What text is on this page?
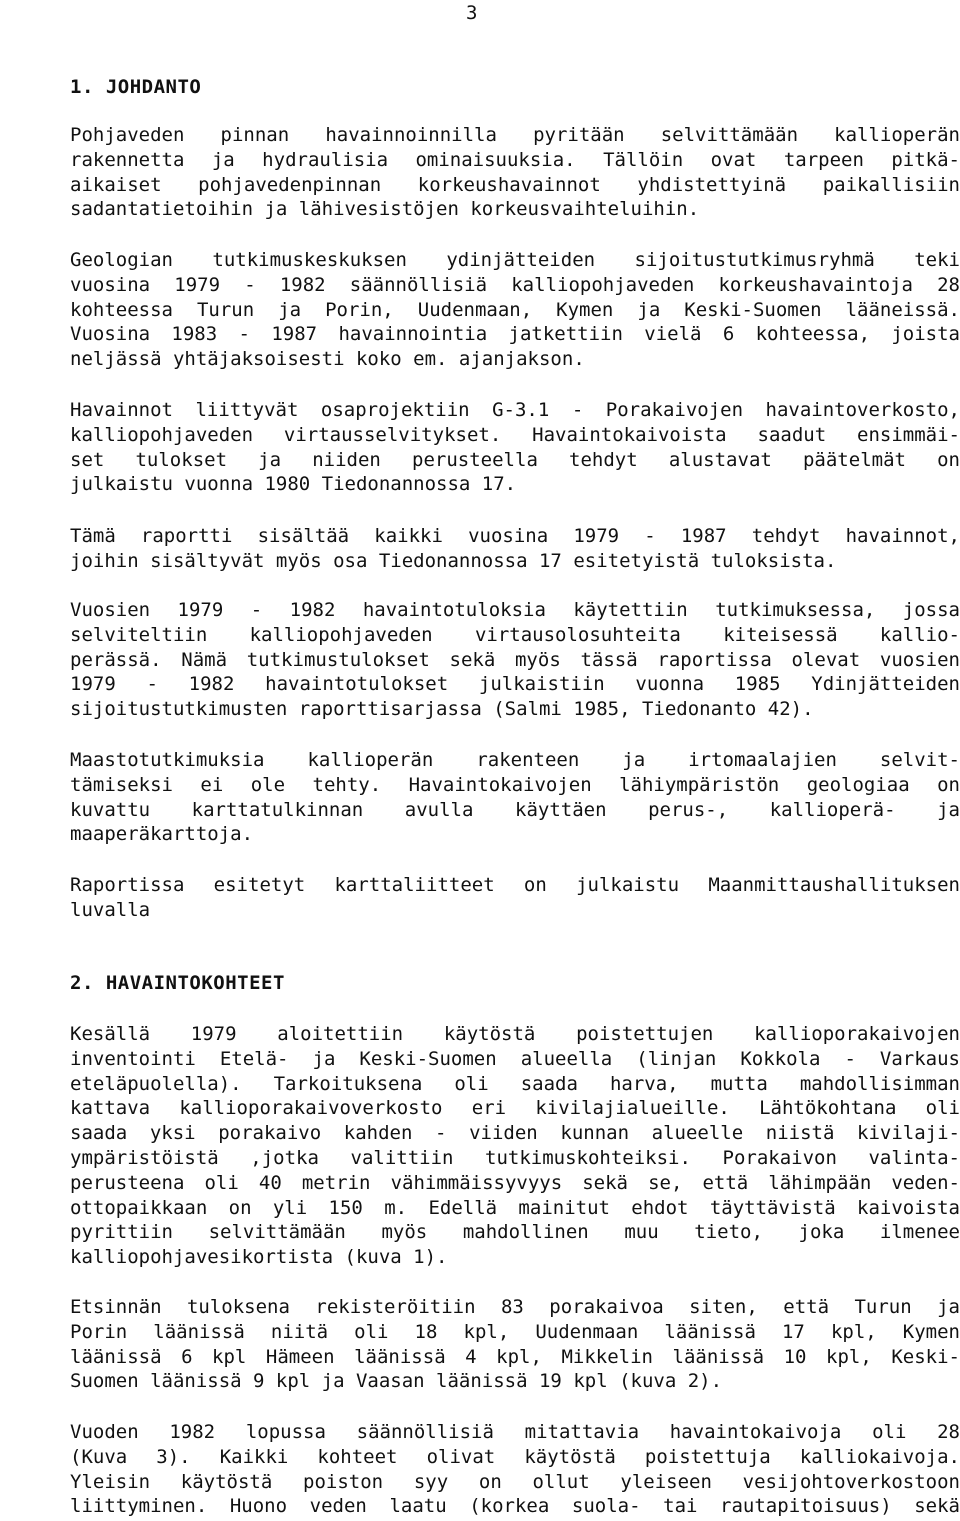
3
1. JOHDANTO
Pohjaveden pinnan havainnoinnilla pyritään selvittämään kallioperän
rakennetta ja hydraulisia ominaisuuksia. Tällöin ovat tarpeen pitkä-
aikaiset pohjavedenpinnan korkeushavainnot yhdistettyinä paikallisiin
sadantatietoihin ja lähivesistöjen korkeusvaihteluihin.
Geologian tutkimuskeskuksen ydinjätteiden sijoitustutkimusryhmä teki
vuosina 1979 - 1982 säännöllisiä kalliopohjaveden korkeushavaintoja 28
kohteessa Turun ja Porin, Uudenmaan, Kymen ja Keski-Suomen lääneissä.
Vuosina 1983 - 1987 havainnointia jatkettiin vielä 6 kohteessa, joista
neljässä yhtäjaksoisesti koko em. ajanjakson.
Havainnot liittyvät osaprojektiin G-3.1 - Porakaivojen havaintoverkosto,
kalliopohjaveden virtausselvitykset. Havaintokaivoista saadut ensimmäi-
set tulokset ja niiden perusteella tehdyt alustavat päätelmät on
julkaistu vuonna 1980 Tiedonannossa 17.
Tämä raportti sisältää kaikki vuosina 1979 - 1987 tehdyt havainnot,
joihin sisältyvät myös osa Tiedonannossa 17 esitetyistä tuloksista.
Vuosien 1979 - 1982 havaintotuloksia käytettiin tutkimuksessa, jossa
selviteltiin kalliopohjaveden virtausolosuhteita kiteisessä kallio-
perässä. Nämä tutkimustulokset sekä myös tässä raportissa olevat vuosien
1979 - 1982 havaintotulokset julkaistiin vuonna 1985 Ydinjätteiden
sijoitustutkimusten raporttisarjassa (Salmi 1985, Tiedonanto 42).
Maastotutkimuksia kallioperän rakenteen ja irtomaalajien selvit-
tämiseksi ei ole tehty. Havaintokaivojen lähiympäristön geologiaa on
kuvattu karttatulkinnan avulla käyttäen perus-, kallioperä- ja
maaperäkarttoja.
Raportissa esitetyt karttaliitteet on julkaistu Maanmittaushallituksen
luvalla
2. HAVAINTOKOHTEET
Kesällä 1979 aloitettiin käytöstä poistettujen kallioporakaivojen
inventointi Etelä- ja Keski-Suomen alueella (linjan Kokkola - Varkaus
eteläpuolella). Tarkoituksena oli saada harva, mutta mahdollisimman
kattava kallioporakaivoverkosto eri kivilajialueille. Lähtökohtana oli
saada yksi porakaivo kahden - viiden kunnan alueelle niistä kivilaji-
ympäristöistä ,jotka valittiin tutkimuskohteiksi. Porakaivon valinta-
perusteena oli 40 metrin vähimmäissyvyys sekä se, että lähimpään veden-
ottopaikkaan on yli 150 m. Edellä mainitut ehdot täyttävistä kaivoista
pyrittiin selvittämään myös mahdollinen muu tieto, joka ilmenee
kalliopohjavesikortista (kuva 1).
Etsinnän tuloksena rekisteröitiin 83 porakaivoa siten, että Turun ja
Porin läänissä niitä oli 18 kpl, Uudenmaan läänissä 17 kpl, Kymen
läänissä 6 kpl Hämeen läänissä 4 kpl, Mikkelin läänissä 10 kpl, Keski-
Suomen läänissä 9 kpl ja Vaasan läänissä 19 kpl (kuva 2).
Vuoden 1982 lopussa säännöllisiä mitattavia havaintokaivoja oli 28
(Kuva 3). Kaikki kohteet olivat käytöstä poistettuja kalliokaivoja.
Yleisin käytöstä poiston syy on ollut yleiseen vesijohtoverkostoon
liittyminen. Huono veden laatu (korkea suola- tai rautapitoisuus) sekä
